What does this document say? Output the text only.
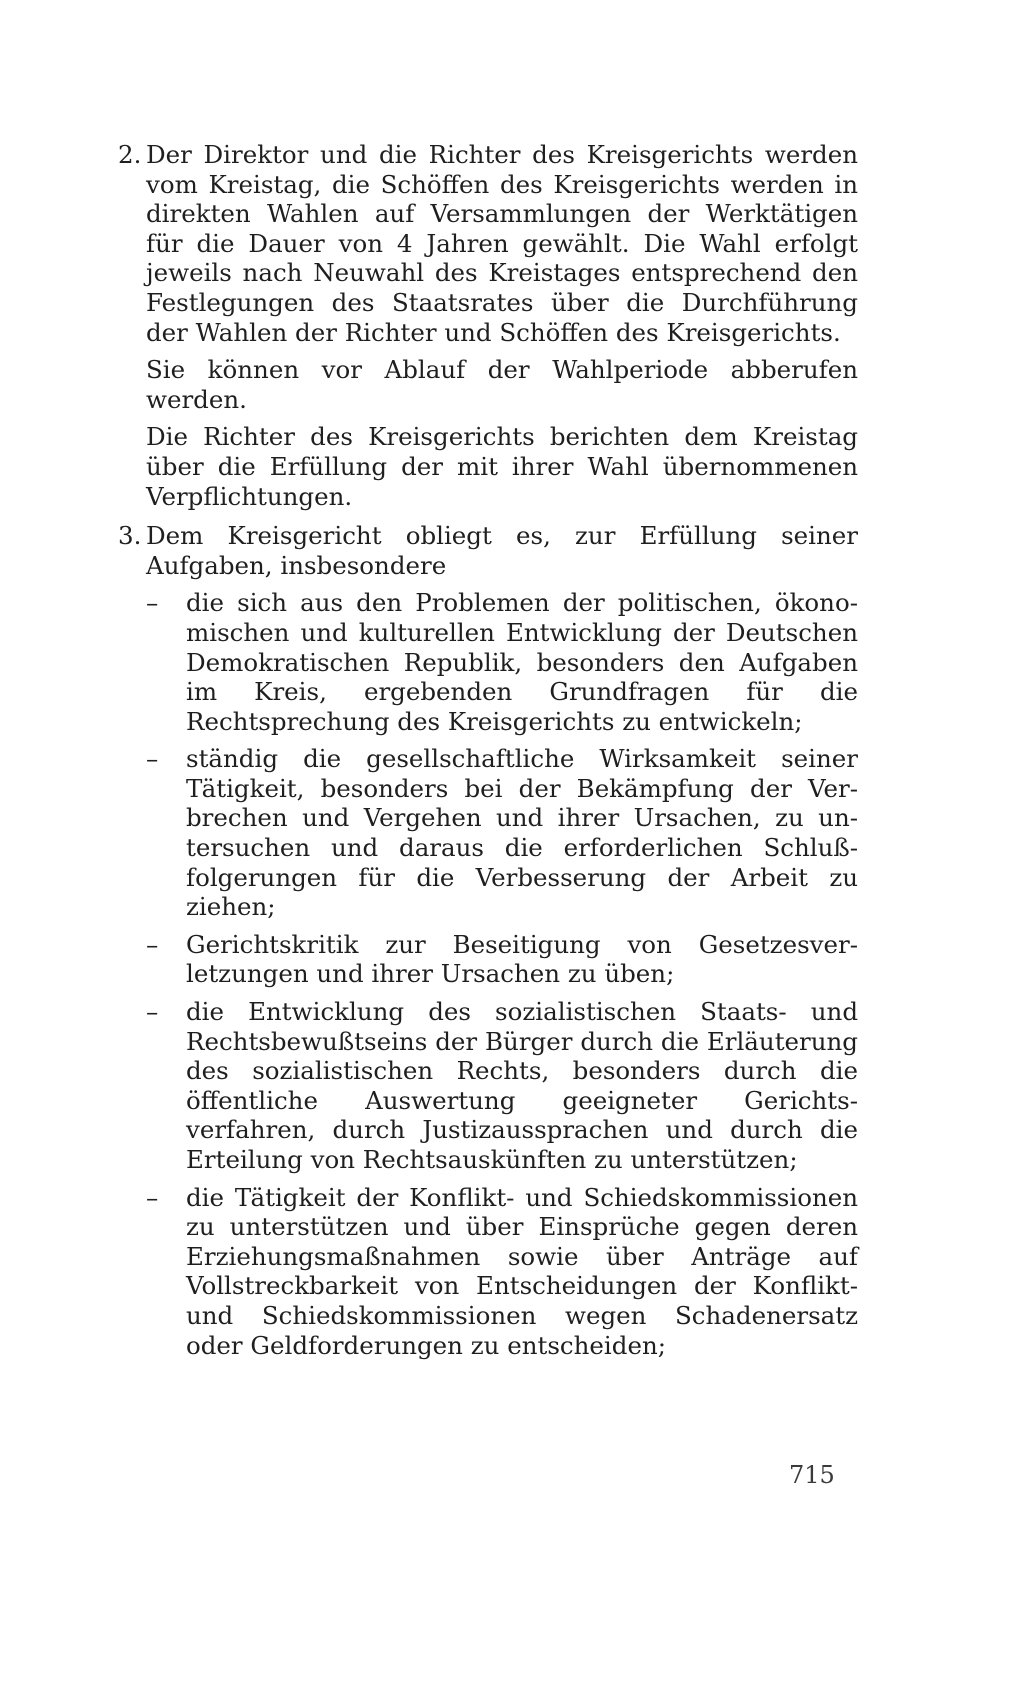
2. Der Direktor und die Richter des Kreisgerichts werden vom Kreistag, die Schöffen des Kreisgerichts werden in direkten Wahlen auf Versammlungen der Werktätigen für die Dauer von 4 Jahren gewählt. Die Wahl erfolgt jeweils nach Neuwahl des Kreistages entsprechend den Festlegungen des Staatsrates über die Durchführung der Wahlen der Richter und Schöffen des Kreisgerichts.

Sie können vor Ablauf der Wahlperiode abberufen werden.

Die Richter des Kreisgerichts berichten dem Kreistag über die Erfüllung der mit ihrer Wahl übernommenen Verpflichtungen.

3. Dem Kreisgericht obliegt es, zur Erfüllung seiner Aufgaben, insbesondere

– die sich aus den Problemen der politischen, ökonomischen und kulturellen Entwicklung der Deutschen Demokratischen Republik, besonders den Aufgaben im Kreis, ergebenden Grundfragen für die Rechtsprechung des Kreisgerichts zu entwickeln;
– ständig die gesellschaftliche Wirksamkeit seiner Tätigkeit, besonders bei der Bekämpfung der Verbrechen und Vergehen und ihrer Ursachen, zu untersuchen und daraus die erforderlichen Schlußfolgerungen für die Verbesserung der Arbeit zu ziehen;
– Gerichtskritik zur Beseitigung von Gesetzesverletzungen und ihrer Ursachen zu üben;
– die Entwicklung des sozialistischen Staats- und Rechtsbewußtseins der Bürger durch die Erläuterung des sozialistischen Rechts, besonders durch die öffentliche Auswertung geeigneter Gerichtsverfahren, durch Justizaussprachen und durch die Erteilung von Rechtsauskünften zu unterstützen;
– die Tätigkeit der Konflikt- und Schiedskommissionen zu unterstützen und über Einsprüche gegen deren Erziehungsmaßnahmen sowie über Anträge auf Vollstreckbarkeit von Entscheidungen der Konflikt- und Schiedskommissionen wegen Schadenersatz oder Geldforderungen zu entscheiden;
715
